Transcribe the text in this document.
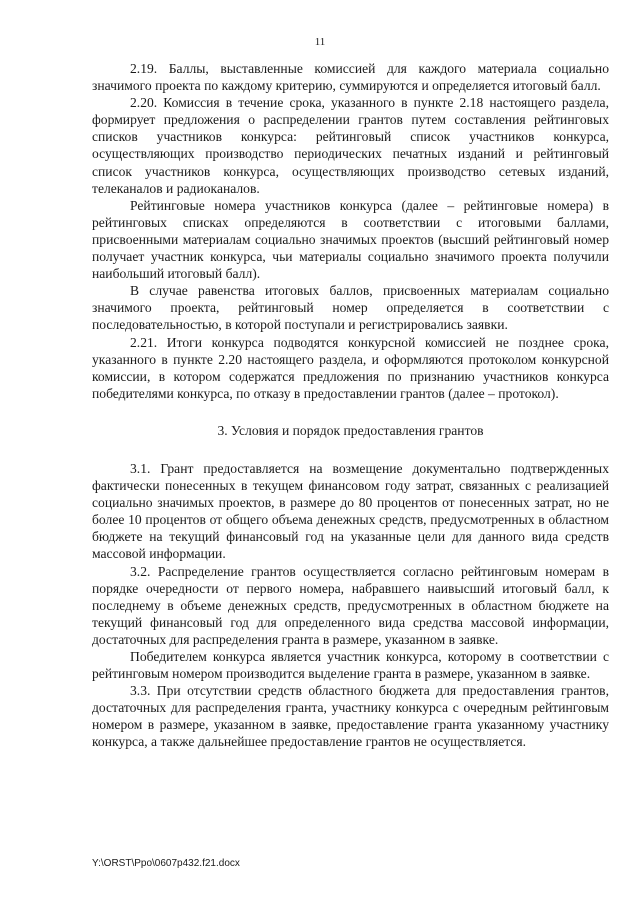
11

2.19. Баллы, выставленные комиссией для каждого материала социально значимого проекта по каждому критерию, суммируются и определяется итоговый балл.

2.20. Комиссия в течение срока, указанного в пункте 2.18 настоящего раздела, формирует предложения о распределении грантов путем составления рейтинговых списков участников конкурса: рейтинговый список участников конкурса, осуществляющих производство периодических печатных изданий и рейтинговый список участников конкурса, осуществляющих производство сетевых изданий, телеканалов и радиоканалов.

Рейтинговые номера участников конкурса (далее – рейтинговые номера) в рейтинговых списках определяются в соответствии с итоговыми баллами, присвоенными материалам социально значимых проектов (высший рейтинговый номер получает участник конкурса, чьи материалы социально значимого проекта получили наибольший итоговый балл).

В случае равенства итоговых баллов, присвоенных материалам социально значимого проекта, рейтинговый номер определяется в соответствии с последовательностью, в которой поступали и регистрировались заявки.

2.21. Итоги конкурса подводятся конкурсной комиссией не позднее срока, указанного в пункте 2.20 настоящего раздела, и оформляются протоколом конкурсной комиссии, в котором содержатся предложения по признанию участников конкурса победителями конкурса, по отказу в предоставлении грантов (далее – протокол).

3. Условия и порядок предоставления грантов

3.1. Грант предоставляется на возмещение документально подтвержденных фактически понесенных в текущем финансовом году затрат, связанных с реализацией социально значимых проектов, в размере до 80 процентов от понесенных затрат, но не более 10 процентов от общего объема денежных средств, предусмотренных в областном бюджете на текущий финансовый год на указанные цели для данного вида средств массовой информации.

3.2. Распределение грантов осуществляется согласно рейтинговым номерам в порядке очередности от первого номера, набравшего наивысший итоговый балл, к последнему в объеме денежных средств, предусмотренных в областном бюджете на текущий финансовый год для определенного вида средства массовой информации, достаточных для распределения гранта в размере, указанном в заявке.

Победителем конкурса является участник конкурса, которому в соответствии с рейтинговым номером производится выделение гранта в размере, указанном в заявке.

3.3. При отсутствии средств областного бюджета для предоставления грантов, достаточных для распределения гранта, участнику конкурса с очередным рейтинговым номером в размере, указанном в заявке, предоставление гранта указанному участнику конкурса, а также дальнейшее предоставление грантов не осуществляется.

Y:\ORST\Ppo\0607p432.f21.docx
